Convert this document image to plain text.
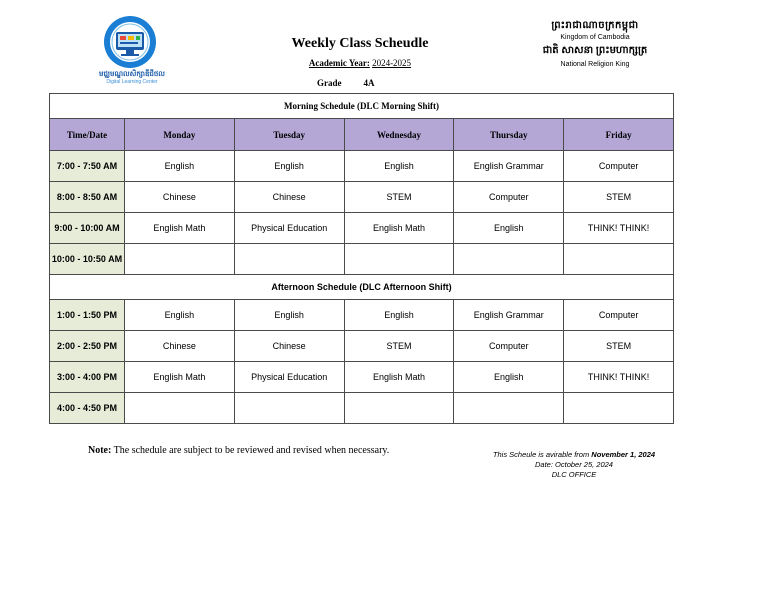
មជ្ឈមណ្ឌលសិក្សាឌីជីថល
Digital Learning Center
Weekly Class Scheudle
Academic Year: 2024-2025
Grade 4A
ព្រះរាជាណាចក្រកម្ពុជា
Kingdom of Cambodia
ជាតិ សាសនា ព្រះមហាក្សត្រ
National Religion King
Morning Schedule (DLC Morning Shift)					
Time/Date	Monday	Tuesday	Wednesday	Thursday	Friday
7:00 - 7:50 AM	English	English	English	English Grammar	Computer
8:00 - 8:50 AM	Chinese	Chinese	STEM	Computer	STEM
9:00 - 10:00 AM	English Math	Physical Education	English Math	English	THINK! THINK!
10:00 - 10:50 AM					
Afternoon Schedule (DLC Afternoon Shift)					
1:00 - 1:50 PM	English	English	English	English Grammar	Computer
2:00 - 2:50 PM	Chinese	Chinese	STEM	Computer	STEM
3:00 - 4:00 PM	English Math	Physical Education	English Math	English	THINK! THINK!
4:00 - 4:50 PM					
Note: The schedule are subject to be reviewed and revised when necessary.	This Scheule is avirable from November 1, 2024
Date: October 25, 2024
DLC OFFICE
